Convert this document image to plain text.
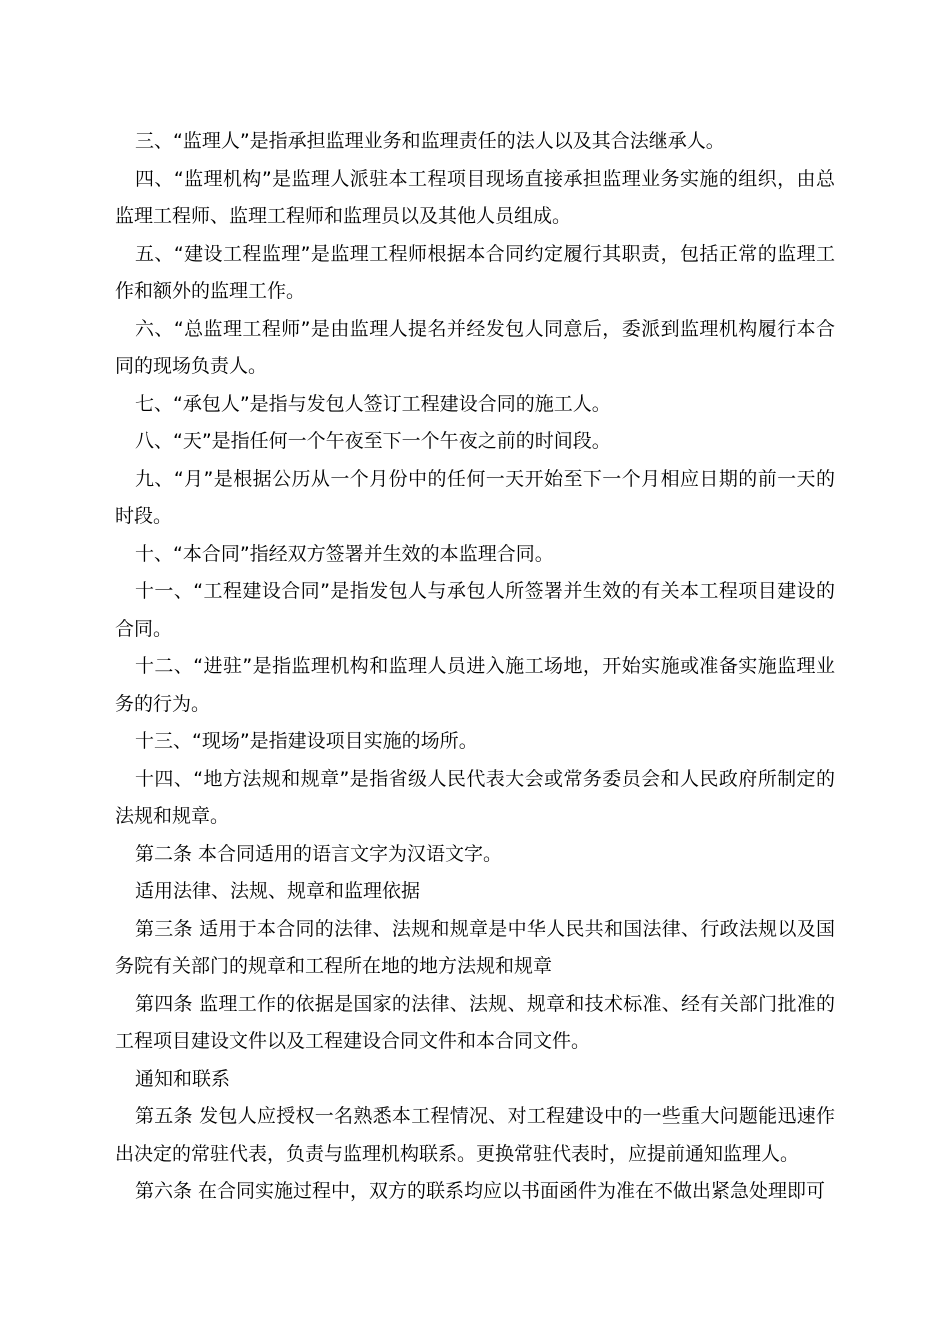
三、“监理人”是指承担监理业务和监理责任的法人以及其合法继承人。

四、“监理机构”是监理人派驻本工程项目现场直接承担监理业务实施的组织，由总监理工程师、监理工程师和监理员以及其他人员组成。

五、“建设工程监理”是监理工程师根据本合同约定履行其职责，包括正常的监理工作和额外的监理工作。

六、“总监理工程师”是由监理人提名并经发包人同意后，委派到监理机构履行本合同的现场负责人。

七、“承包人”是指与发包人签订工程建设合同的施工人。

八、“天”是指任何一个午夜至下一个午夜之前的时间段。

九、“月”是根据公历从一个月份中的任何一天开始至下一个月相应日期的前一天的时段。

十、“本合同”指经双方签署并生效的本监理合同。

十一、“工程建设合同”是指发包人与承包人所签署并生效的有关本工程项目建设的合同。

十二、“进驻”是指监理机构和监理人员进入施工场地，开始实施或准备实施监理业务的行为。

十三、“现场”是指建设项目实施的场所。

十四、“地方法规和规章”是指省级人民代表大会或常务委员会和人民政府所制定的法规和规章。

第二条 本合同适用的语言文字为汉语文字。

适用法律、法规、规章和监理依据

第三条 适用于本合同的法律、法规和规章是中华人民共和国法律、行政法规以及国务院有关部门的规章和工程所在地的地方法规和规章

第四条 监理工作的依据是国家的法律、法规、规章和技术标准、经有关部门批准的工程项目建设文件以及工程建设合同文件和本合同文件。

通知和联系

第五条 发包人应授权一名熟悉本工程情况、对工程建设中的一些重大问题能迅速作出决定的常驻代表，负责与监理机构联系。更换常驻代表时，应提前通知监理人。

第六条 在合同实施过程中，双方的联系均应以书面函件为准在不做出紧急处理即可
